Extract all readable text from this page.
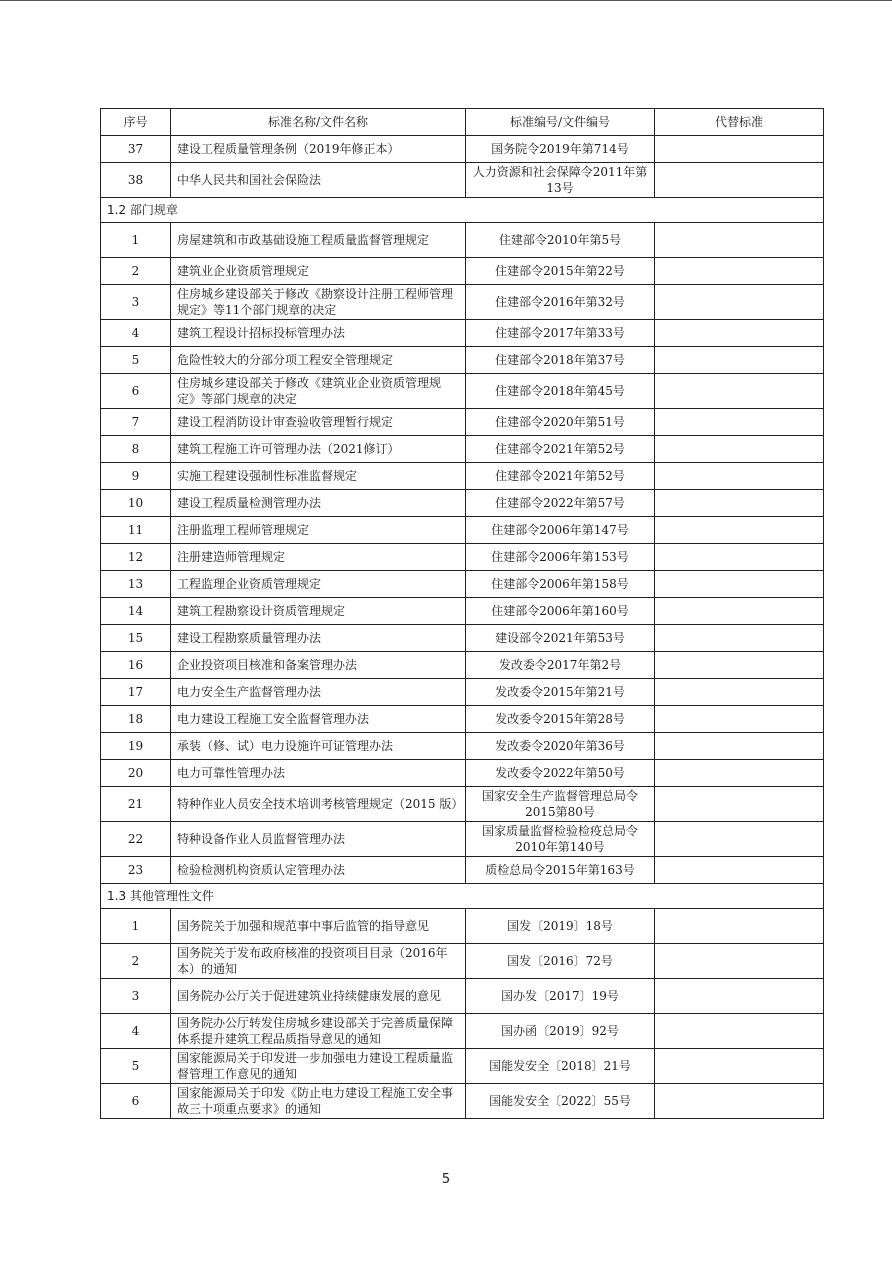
序号	标准名称/文件名称	标准编号/文件编号	代替标准
37	建设工程质量管理条例（2019年修正本）	国务院令2019年第714号	
38	中华人民共和国社会保险法	人力资源和社会保障令2011年第13号	
1.2 部门规章			
1	房屋建筑和市政基础设施工程质量监督管理规定	住建部令2010年第5号	
2	建筑业企业资质管理规定	住建部令2015年第22号	
3	住房城乡建设部关于修改《勘察设计注册工程师管理规定》等11个部门规章的决定	住建部令2016年第32号	
4	建筑工程设计招标投标管理办法	住建部令2017年第33号	
5	危险性较大的分部分项工程安全管理规定	住建部令2018年第37号	
6	住房城乡建设部关于修改《建筑业企业资质管理规定》等部门规章的决定	住建部令2018年第45号	
7	建设工程消防设计审查验收管理暂行规定	住建部令2020年第51号	
8	建筑工程施工许可管理办法（2021修订）	住建部令2021年第52号	
9	实施工程建设强制性标准监督规定	住建部令2021年第52号	
10	建设工程质量检测管理办法	住建部令2022年第57号	
11	注册监理工程师管理规定	住建部令2006年第147号	
12	注册建造师管理规定	住建部令2006年第153号	
13	工程监理企业资质管理规定	住建部令2006年第158号	
14	建筑工程勘察设计资质管理规定	住建部令2006年第160号	
15	建设工程勘察质量管理办法	建设部令2021年第53号	
16	企业投资项目核准和备案管理办法	发改委令2017年第2号	
17	电力安全生产监督管理办法	发改委令2015年第21号	
18	电力建设工程施工安全监督管理办法	发改委令2015年第28号	
19	承装（修、试）电力设施许可证管理办法	发改委令2020年第36号	
20	电力可靠性管理办法	发改委令2022年第50号	
21	特种作业人员安全技术培训考核管理规定（2015 版）	国家安全生产监督管理总局令2015第80号	
22	特种设备作业人员监督管理办法	国家质量监督检验检疫总局令2010年第140号	
23	检验检测机构资质认定管理办法	质检总局令2015年第163号	
1.3 其他管理性文件			
1	国务院关于加强和规范事中事后监管的指导意见	国发〔2019〕18号	
2	国务院关于发布政府核准的投资项目目录（2016年本）的通知	国发〔2016〕72号	
3	国务院办公厅关于促进建筑业持续健康发展的意见	国办发〔2017〕19号	
4	国务院办公厅转发住房城乡建设部关于完善质量保障体系提升建筑工程品质指导意见的通知	国办函〔2019〕92号	
5	国家能源局关于印发进一步加强电力建设工程质量监督管理工作意见的通知	国能发安全〔2018〕21号	
6	国家能源局关于印发《防止电力建设工程施工安全事故三十项重点要求》的通知	国能发安全〔2022〕55号	
5
